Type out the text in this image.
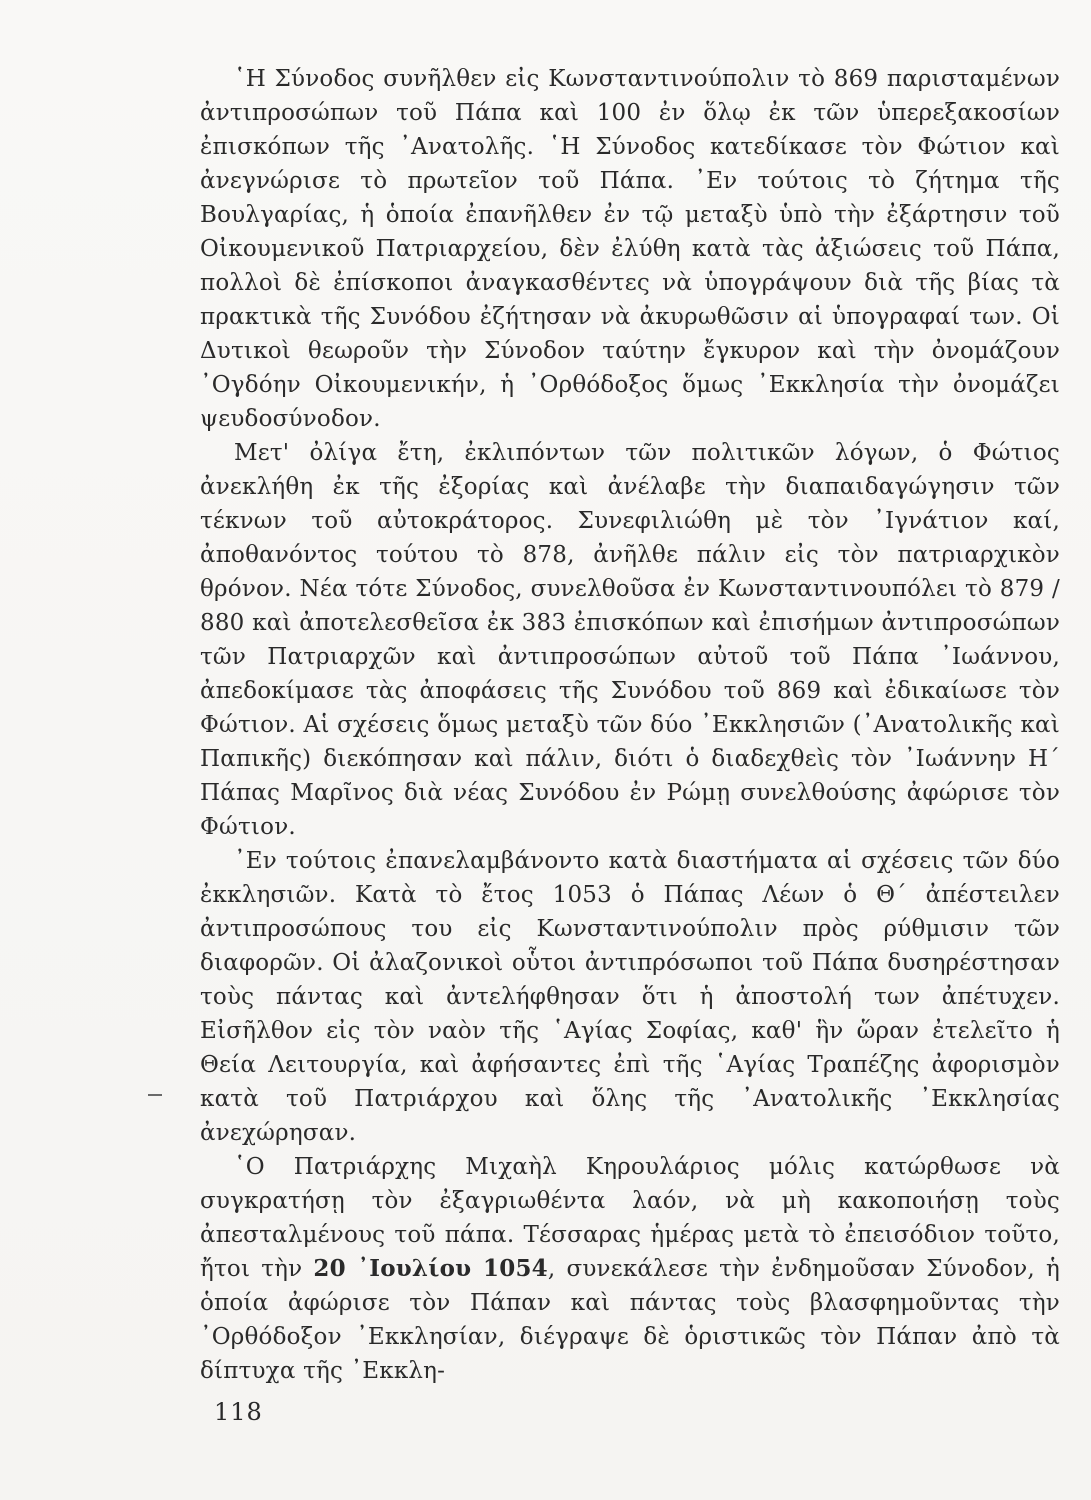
῾Η Σύνοδος συνῆλθεν εἰς Κωνσταντινούπολιν τὸ 869 παρισταμένων ἀντιπροσώπων τοῦ Πάπα καὶ 100 ἐν ὅλῳ ἐκ τῶν ὑπερεξακοσίων ἐπισκόπων τῆς ᾿Ανατολῆς. ῾Η Σύνοδος κατεδίκασε τὸν Φώτιον καὶ ἀνεγνώρισε τὸ πρωτεῖον τοῦ Πάπα. ᾿Εν τούτοις τὸ ζήτημα τῆς Βουλγαρίας, ἡ ὁποία ἐπανῆλθεν ἐν τῷ μεταξὺ ὑπὸ τὴν ἐξάρτησιν τοῦ Οἰκουμενικοῦ Πατριαρχείου, δὲν ἐλύθη κατὰ τὰς ἀξιώσεις τοῦ Πάπα, πολλοὶ δὲ ἐπίσκοποι ἀναγκασθέντες νὰ ὑπογράψουν διὰ τῆς βίας τὰ πρακτικὰ τῆς Συνόδου ἐζήτησαν νὰ ἀκυρωθῶσιν αἱ ὑπογραφαί των. Οἱ Δυτικοὶ θεωροῦν τὴν Σύνοδον ταύτην ἔγκυρον καὶ τὴν ὀνομάζουν ᾿Ογδόην Οἰκουμενικήν, ἡ ᾿Ορθόδοξος ὅμως ᾿Εκκλησία τὴν ὀνομάζει ψευδοσύνοδον.

Μετ' ὀλίγα ἔτη, ἐκλιπόντων τῶν πολιτικῶν λόγων, ὁ Φώτιος ἀνεκλήθη ἐκ τῆς ἐξορίας καὶ ἀνέλαβε τὴν διαπαιδαγώγησιν τῶν τέκνων τοῦ αὐτοκράτορος. Συνεφιλιώθη μὲ τὸν ᾿Ιγνάτιον καί, ἀποθανόντος τούτου τὸ 878, ἀνῆλθε πάλιν εἰς τὸν πατριαρχικὸν θρόνον. Νέα τότε Σύνοδος, συνελθοῦσα ἐν Κωνσταντινουπόλει τὸ 879 / 880 καὶ ἀποτελεσθεῖσα ἐκ 383 ἐπισκόπων καὶ ἐπισήμων ἀντιπροσώπων τῶν Πατριαρχῶν καὶ ἀντιπροσώπων αὐτοῦ τοῦ Πάπα ᾿Ιωάννου, ἀπεδοκίμασε τὰς ἀποφάσεις τῆς Συνόδου τοῦ 869 καὶ ἐδικαίωσε τὸν Φώτιον. Αἱ σχέσεις ὅμως μεταξὺ τῶν δύο ᾿Εκκλησιῶν (᾿Ανατολικῆς καὶ Παπικῆς) διεκόπησαν καὶ πάλιν, διότι ὁ διαδεχθεὶς τὸν ᾿Ιωάννην Η΄ Πάπας Μαρῖνος διὰ νέας Συνόδου ἐν Ρώμῃ συνελθούσης ἀφώρισε τὸν Φώτιον.

᾿Εν τούτοις ἐπανελαμβάνοντο κατὰ διαστήματα αἱ σχέσεις τῶν δύο ἐκκλησιῶν. Κατὰ τὸ ἔτος 1053 ὁ Πάπας Λέων ὁ Θ΄ ἀπέστειλεν ἀντιπροσώπους του εἰς Κωνσταντινούπολιν πρὸς ρύθμισιν τῶν διαφορῶν. Οἱ ἀλαζονικοὶ οὗτοι ἀντιπρόσωποι τοῦ Πάπα δυσηρέστησαν τοὺς πάντας καὶ ἀντελήφθησαν ὅτι ἡ ἀποστολή των ἀπέτυχεν. Εἰσῆλθον εἰς τὸν ναὸν τῆς ῾Αγίας Σοφίας, καθ' ἣν ὥραν ἐτελεῖτο ἡ Θεία Λειτουργία, καὶ ἀφήσαντες ἐπὶ τῆς ῾Αγίας Τραπέζης ἀφορισμὸν κατὰ τοῦ Πατριάρχου καὶ ὅλης τῆς ᾿Ανατολικῆς ᾿Εκκλησίας ἀνεχώρησαν.

῾Ο Πατριάρχης Μιχαὴλ Κηρουλάριος μόλις κατώρθωσε νὰ συγκρατήσῃ τὸν ἐξαγριωθέντα λαόν, νὰ μὴ κακοποιήσῃ τοὺς ἀπεσταλμένους τοῦ πάπα. Τέσσαρας ἡμέρας μετὰ τὸ ἐπεισόδιον τοῦτο, ἤτοι τὴν 20 ᾿Ιουλίου 1054, συνεκάλεσε τὴν ἐνδημοῦσαν Σύνοδον, ἡ ὁποία ἀφώρισε τὸν Πάπαν καὶ πάντας τοὺς βλασφημοῦντας τὴν ᾿Ορθόδοξον ᾿Εκκλησίαν, διέγραψε δὲ ὁριστικῶς τὸν Πάπαν ἀπὸ τὰ δίπτυχα τῆς ᾿Εκκλη-

118
